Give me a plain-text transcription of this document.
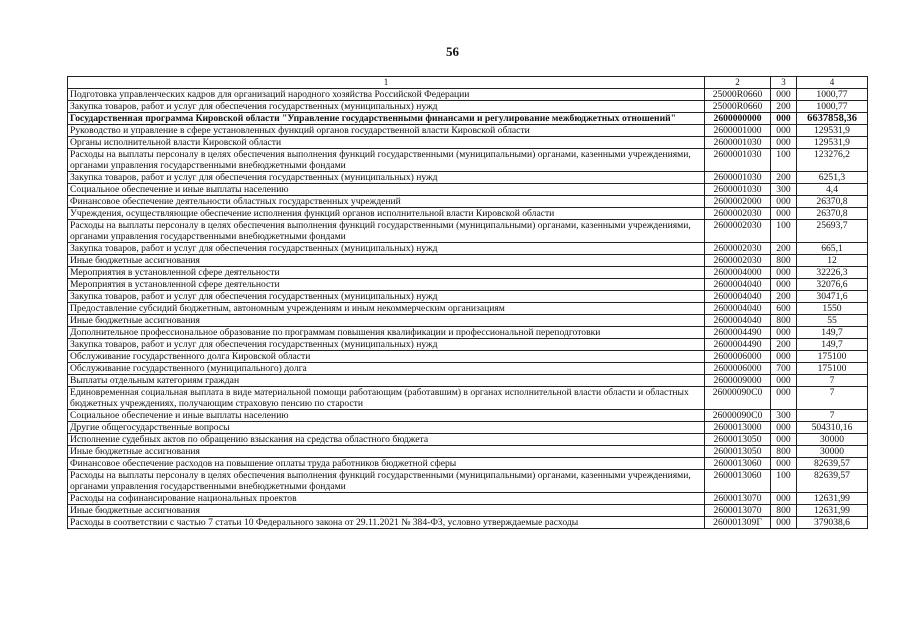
56
1	2	3	4
Подготовка управленческих кадров для организаций народного хозяйства Российской Федерации	25000R0660	000	1000,77
Закупка товаров, работ и услуг для обеспечения государственных (муниципальных) нужд	25000R0660	200	1000,77
Государственная программа Кировской области "Управление государственными финансами и регулирование межбюджетных отношений"	2600000000	000	6637858,36
Руководство и управление в сфере установленных функций органов государственной власти Кировской области	2600001000	000	129531,9
Органы исполнительной власти Кировской области	2600001030	000	129531,9
Расходы на выплаты персоналу в целях обеспечения выполнения функций государственными (муниципальными) органами, казенными учреждениями, органами управления государственными внебюджетными фондами	2600001030	100	123276,2
Закупка товаров, работ и услуг для обеспечения государственных (муниципальных) нужд	2600001030	200	6251,3
Социальное обеспечение и иные выплаты населению	2600001030	300	4,4
Финансовое обеспечение деятельности областных государственных учреждений	2600002000	000	26370,8
Учреждения, осуществляющие обеспечение исполнения функций органов исполнительной власти Кировской области	2600002030	000	26370,8
Расходы на выплаты персоналу в целях обеспечения выполнения функций государственными (муниципальными) органами, казенными учреждениями, органами управления государственными внебюджетными фондами	2600002030	100	25693,7
Закупка товаров, работ и услуг для обеспечения государственных (муниципальных) нужд	2600002030	200	665,1
Иные бюджетные ассигнования	2600002030	800	12
Мероприятия в установленной сфере деятельности	2600004000	000	32226,3
Мероприятия в установленной сфере деятельности	2600004040	000	32076,6
Закупка товаров, работ и услуг для обеспечения государственных (муниципальных) нужд	2600004040	200	30471,6
Предоставление субсидий бюджетным, автономным учреждениям и иным некоммерческим организациям	2600004040	600	1550
Иные бюджетные ассигнования	2600004040	800	55
Дополнительное профессиональное образование по программам повышения квалификации и профессиональной переподготовки	2600004490	000	149,7
Закупка товаров, работ и услуг для обеспечения государственных (муниципальных) нужд	2600004490	200	149,7
Обслуживание государственного долга Кировской области	2600006000	000	175100
Обслуживание государственного (муниципального) долга	2600006000	700	175100
Выплаты отдельным категориям граждан	2600009000	000	7
Единовременная социальная выплата в виде материальной помощи работающим (работавшим) в органах исполнительной власти области и областных бюджетных учреждениях, получающим страховую пенсию по старости	26000090С0	000	7
Социальное обеспечение и иные выплаты населению	26000090С0	300	7
Другие общегосударственные вопросы	2600013000	000	504310,16
Исполнение судебных актов по обращению взыскания на средства областного бюджета	2600013050	000	30000
Иные бюджетные ассигнования	2600013050	800	30000
Финансовое обеспечение расходов на повышение оплаты труда работников бюджетной сферы	2600013060	000	82639,57
Расходы на выплаты персоналу в целях обеспечения выполнения функций государственными (муниципальными) органами, казенными учреждениями, органами управления государственными внебюджетными фондами	2600013060	100	82639,57
Расходы на софинансирование национальных проектов	2600013070	000	12631,99
Иные бюджетные ассигнования	2600013070	800	12631,99
Расходы в соответствии с частью 7 статьи 10 Федерального закона от 29.11.2021 № 384-ФЗ, условно утверждаемые расходы	260001309Г	000	379038,6
